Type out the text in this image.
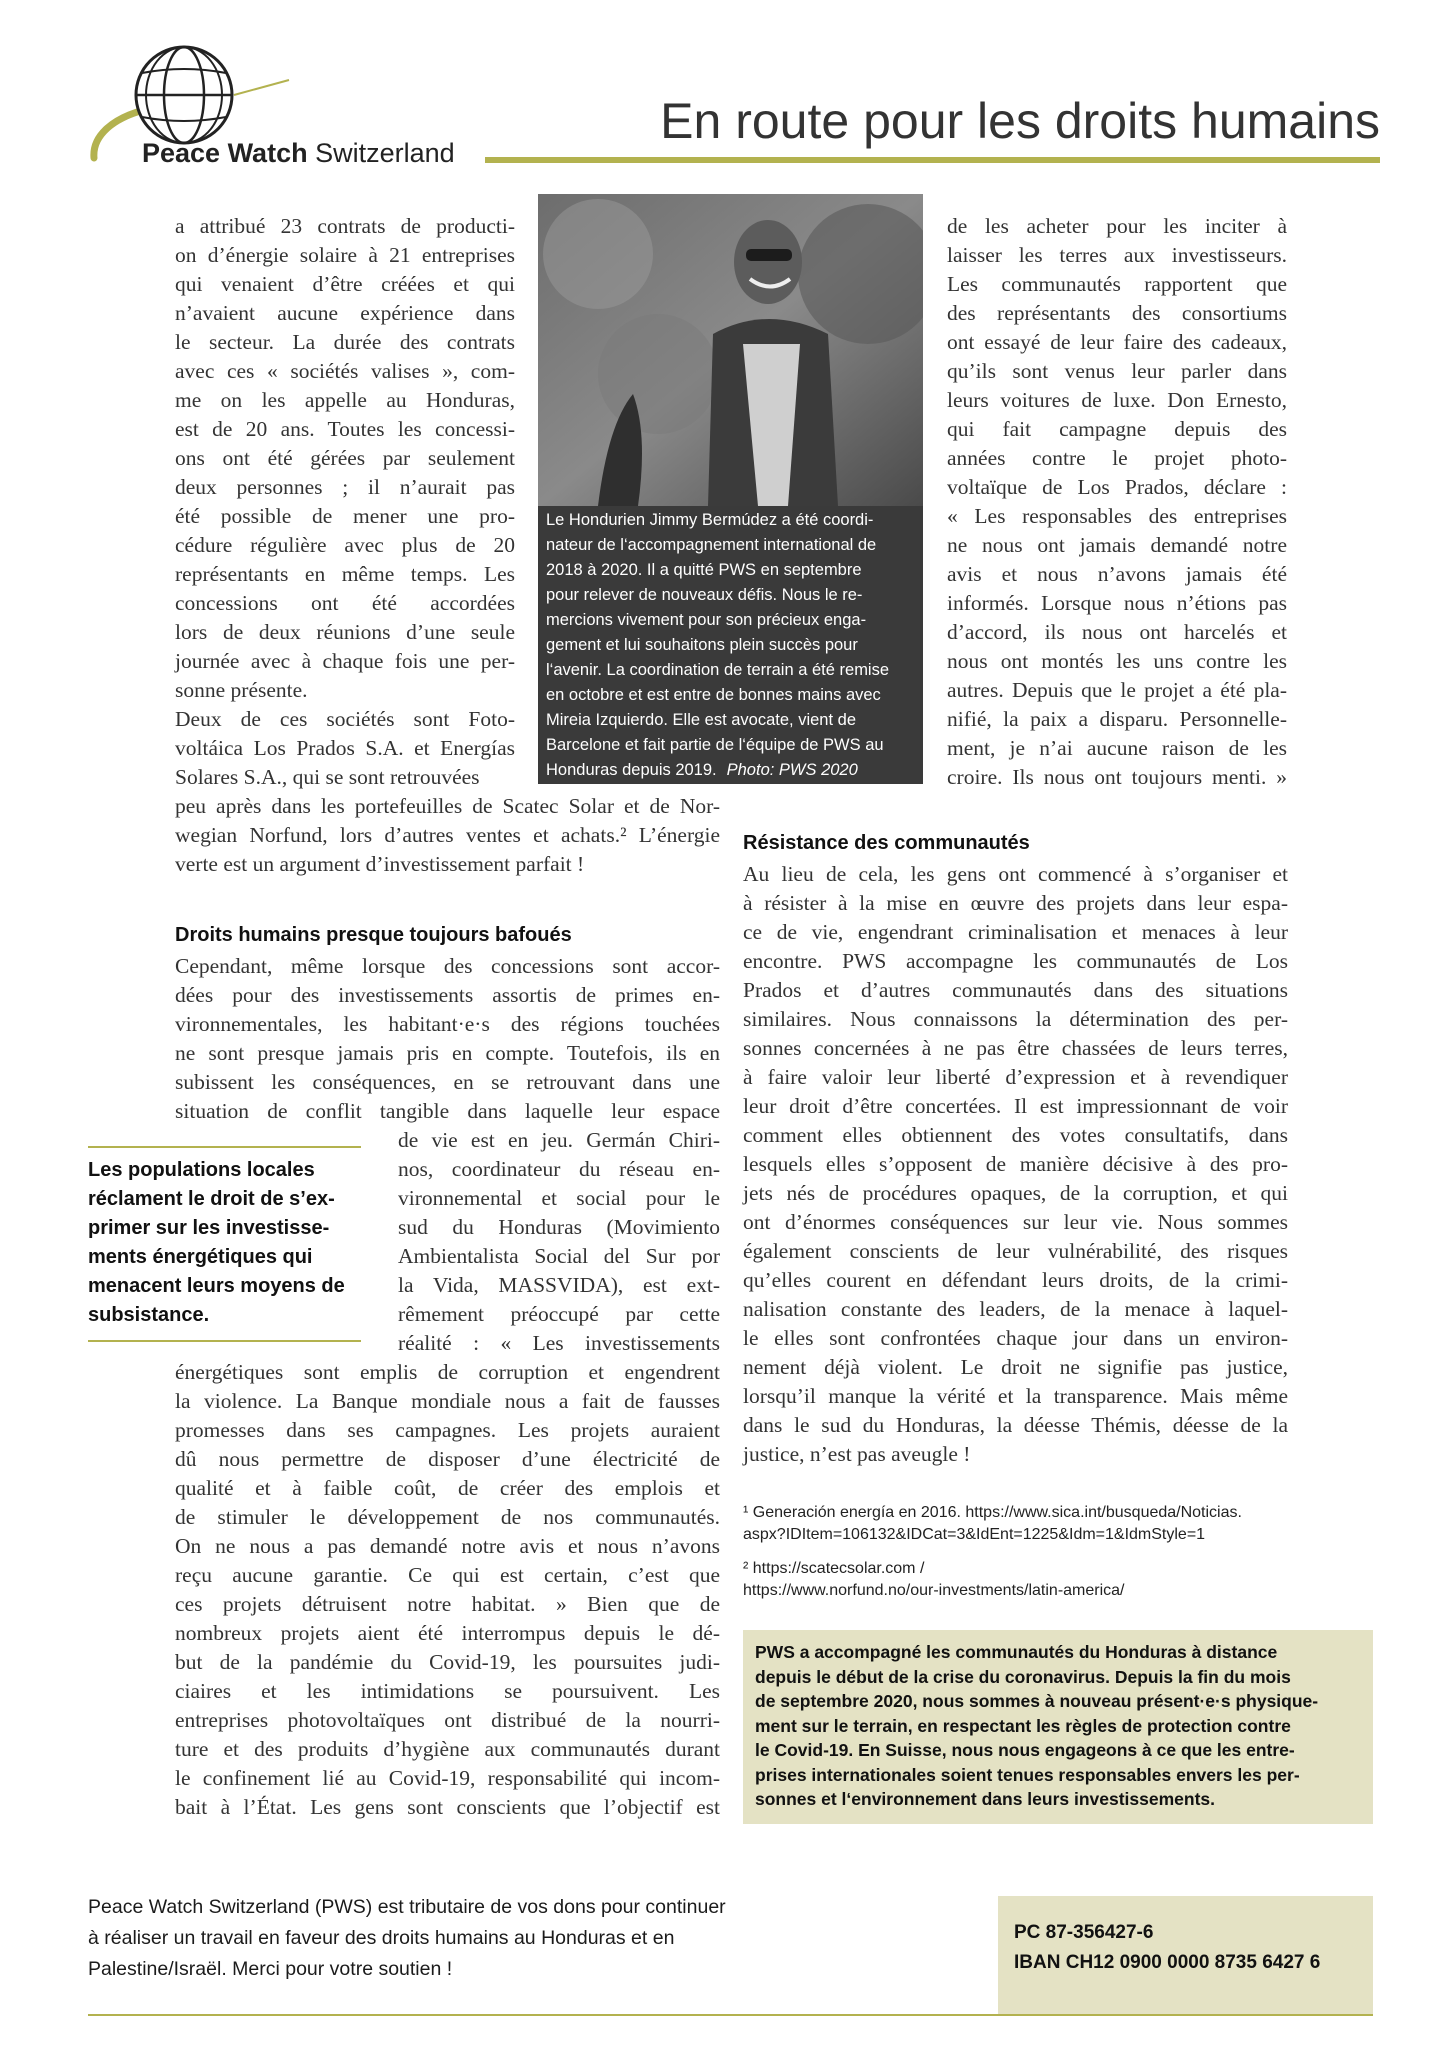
Peace Watch Switzerland
En route pour les droits humains
a attribué 23 contrats de producti-
on d’énergie solaire à 21 entreprises
qui venaient d’être créées et qui
n’avaient aucune expérience dans
le secteur. La durée des contrats
avec ces « sociétés valises », com-
me on les appelle au Honduras,
est de 20 ans. Toutes les concessi-
ons ont été gérées par seulement
deux personnes ; il n’aurait pas
été possible de mener une pro-
cédure régulière avec plus de 20
représentants en même temps. Les
concessions ont été accordées
lors de deux réunions d’une seule
journée avec à chaque fois une per-
sonne présente.
Deux de ces sociétés sont Foto-
voltáica Los Prados S.A. et Energías
Solares S.A., qui se sont retrouvées
peu après dans les portefeuilles de Scatec Solar et de Nor-
wegian Norfund, lors d’autres ventes et achats.² L’énergie
verte est un argument d’investissement parfait !
Droits humains presque toujours bafoués
Cependant, même lorsque des concessions sont accor-
dées pour des investissements assortis de primes en-
vironnementales, les habitant·e·s des régions touchées
ne sont presque jamais pris en compte. Toutefois, ils en
subissent les conséquences, en se retrouvant dans une
situation de conflit tangible dans laquelle leur espace
de vie est en jeu. Germán Chiri-
nos, coordinateur du réseau en-
vironnemental et social pour le
sud du Honduras (Movimiento
Ambientalista Social del Sur por
la Vida, MASSVIDA), est ext-
rêmement préoccupé par cette
réalité : « Les investissements
énergétiques sont emplis de corruption et engendrent
la violence. La Banque mondiale nous a fait de fausses
promesses dans ses campagnes. Les projets auraient
dû nous permettre de disposer d’une électricité de
qualité et à faible coût, de créer des emplois et
de stimuler le développement de nos communautés.
On ne nous a pas demandé notre avis et nous n’avons
reçu aucune garantie. Ce qui est certain, c’est que
ces projets détruisent notre habitat. » Bien que de
nombreux projets aient été interrompus depuis le dé-
but de la pandémie du Covid-19, les poursuites judi-
ciaires et les intimidations se poursuivent. Les
entreprises photovoltaïques ont distribué de la nourri-
ture et des produits d’hygiène aux communautés durant
le confinement lié au Covid-19, responsabilité qui incom-
bait à l’État. Les gens sont conscients que l’objectif est
Les populations locales
réclament le droit de s’ex-
primer sur les investisse-
ments énergétiques qui
menacent leurs moyens de
subsistance.
Le Hondurien Jimmy Bermúdez a été coordi-
nateur de l‘accompagnement international de
2018 à 2020. Il a quitté PWS en septembre
pour relever de nouveaux défis. Nous le re-
mercions vivement pour son précieux enga-
gement et lui souhaitons plein succès pour
l‘avenir. La coordination de terrain a été remise
en octobre et est entre de bonnes mains avec
Mireia Izquierdo. Elle est avocate, vient de
Barcelone et fait partie de l‘équipe de PWS au
Honduras depuis 2019. Photo: PWS 2020
de les acheter pour les inciter à
laisser les terres aux investisseurs.
Les communautés rapportent que
des représentants des consortiums
ont essayé de leur faire des cadeaux,
qu’ils sont venus leur parler dans
leurs voitures de luxe. Don Ernesto,
qui fait campagne depuis des
années contre le projet photo-
voltaïque de Los Prados, déclare :
« Les responsables des entreprises
ne nous ont jamais demandé notre
avis et nous n’avons jamais été
informés. Lorsque nous n’étions pas
d’accord, ils nous ont harcelés et
nous ont montés les uns contre les
autres. Depuis que le projet a été pla-
nifié, la paix a disparu. Personnelle-
ment, je n’ai aucune raison de les
croire. Ils nous ont toujours menti. »
Résistance des communautés
Au lieu de cela, les gens ont commencé à s’organiser et
à résister à la mise en œuvre des projets dans leur espa-
ce de vie, engendrant criminalisation et menaces à leur
encontre. PWS accompagne les communautés de Los
Prados et d’autres communautés dans des situations
similaires. Nous connaissons la détermination des per-
sonnes concernées à ne pas être chassées de leurs terres,
à faire valoir leur liberté d’expression et à revendiquer
leur droit d’être concertées. Il est impressionnant de voir
comment elles obtiennent des votes consultatifs, dans
lesquels elles s’opposent de manière décisive à des pro-
jets nés de procédures opaques, de la corruption, et qui
ont d’énormes conséquences sur leur vie. Nous sommes
également conscients de leur vulnérabilité, des risques
qu’elles courent en défendant leurs droits, de la crimi-
nalisation constante des leaders, de la menace à laquel-
le elles sont confrontées chaque jour dans un environ-
nement déjà violent. Le droit ne signifie pas justice,
lorsqu’il manque la vérité et la transparence. Mais même
dans le sud du Honduras, la déesse Thémis, déesse de la
justice, n’est pas aveugle !
¹ Generación energía en 2016. https://www.sica.int/busqueda/Noticias.
aspx?IDItem=106132&IDCat=3&IdEnt=1225&Idm=1&IdmStyle=1
² https://scatecsolar.com /
https://www.norfund.no/our-investments/latin-america/
PWS a accompagné les communautés du Honduras à distance
depuis le début de la crise du coronavirus. Depuis la fin du mois
de septembre 2020, nous sommes à nouveau présent·e·s physique-
ment sur le terrain, en respectant les règles de protection contre
le Covid-19. En Suisse, nous nous engageons à ce que les entre-
prises internationales soient tenues responsables envers les per-
sonnes et l‘environnement dans leurs investissements.
Peace Watch Switzerland (PWS) est tributaire de vos dons pour continuer
à réaliser un travail en faveur des droits humains au Honduras et en
Palestine/Israël. Merci pour votre soutien !
PC 87-356427-6
IBAN CH12 0900 0000 8735 6427 6
